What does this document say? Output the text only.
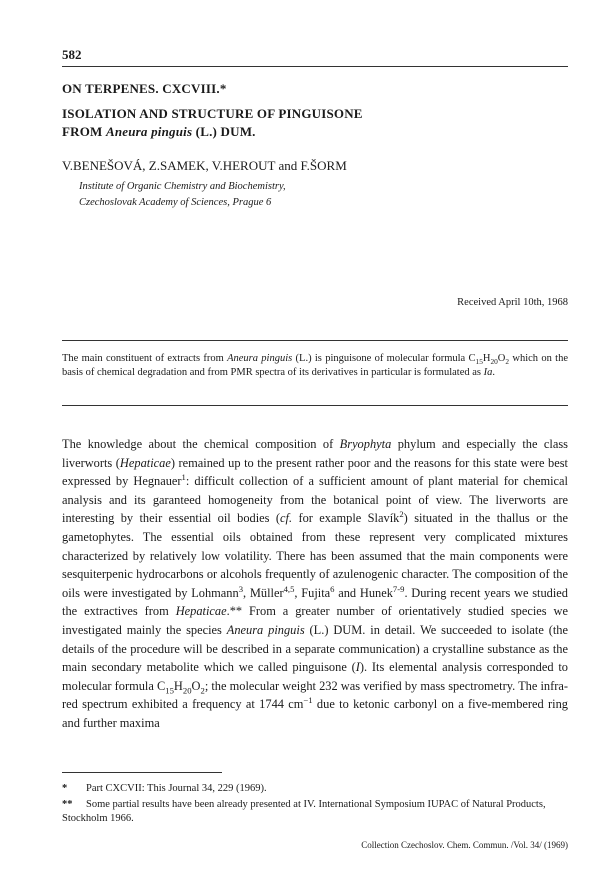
582
ON TERPENES. CXCVIII.*
ISOLATION AND STRUCTURE OF PINGUISONE
FROM Aneura pinguis (L.) DUM.
V.BENEŠOVÁ, Z.SAMEK, V.HEROUT and F.ŠORM
Institute of Organic Chemistry and Biochemistry,
Czechoslovak Academy of Sciences, Prague 6
Received April 10th, 1968
The main constituent of extracts from Aneura pinguis (L.) is pinguisone of molecular formula $C_{15}H_{20}O_2$ which on the basis of chemical degradation and from PMR spectra of its derivatives in particular is formulated as Ia.

The knowledge about the chemical composition of Bryophyta phylum and especially the class liverworts (Hepaticae) remained up to the present rather poor and the reasons for this state were best expressed by Hegnauer$^1$: difficult collection of a sufficient amount of plant material for chemical analysis and its garanteed homogeneity from the botanical point of view. The liverworts are interesting by their essential oil bodies (cf. for example Slavík$^2$) situated in the thallus or the gametophytes. The essential oils obtained from these represent very complicated mixtures characterized by relatively low volatility. There has been assumed that the main components were sesquiterpenic hydrocarbons or alcohols frequently of azulenogenic character. The composition of the oils were investigated by Lohmann$^3$, Müller$^{4,5}$, Fujita$^6$ and Hunek$^{7-9}$. During recent years we studied the extractives from Hepaticae.** From a greater number of orientatively studied species we investigated mainly the species Aneura pinguis (L.) DUM. in detail. We succeeded to isolate (the details of the procedure will be described in a separate communication) a crystalline substance as the main secondary metabolite which we called pinguisone (I). Its elemental analysis corresponded to molecular formula $C_{15}H_{20}O_2$; the molecular weight 232 was verified by mass spectrometry. The infra-red spectrum exhibited a frequency at 1744 $cm^{-1}$ due to ketonic carbonyl on a five-membered ring and further maxima

* Part CXCVII: This Journal 34, 229 (1969).
** Some partial results have been already presented at IV. International Symposium IUPAC of Natural Products, Stockholm 1966.
Collection Czechoslov. Chem. Commun. /Vol. 34/ (1969)
